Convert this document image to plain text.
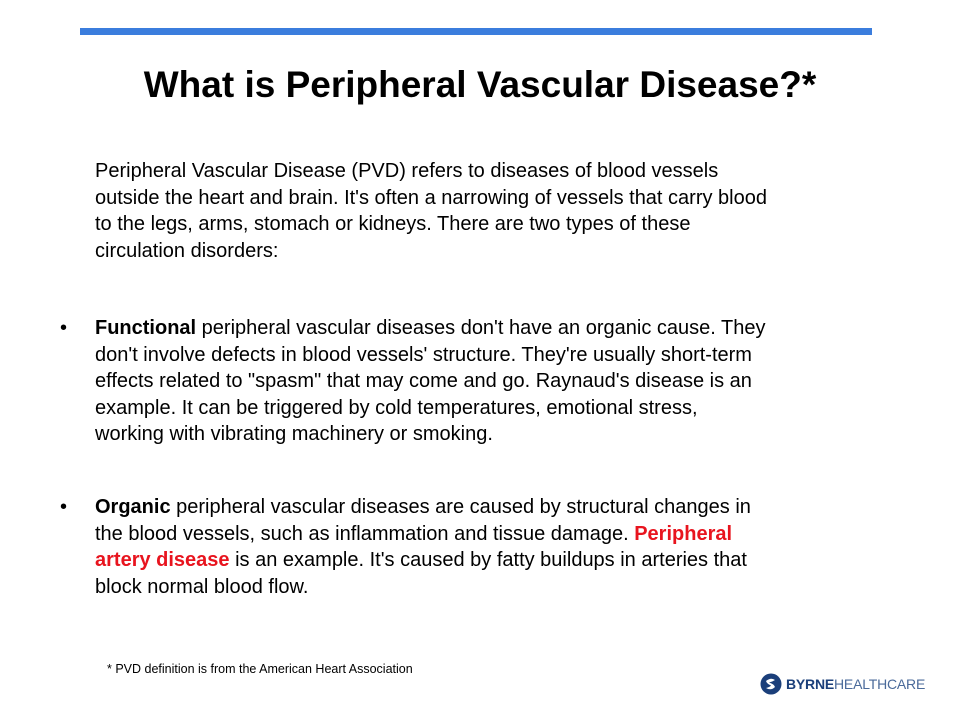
What is Peripheral Vascular Disease?*
Peripheral Vascular Disease (PVD) refers to diseases of blood vessels
outside the heart and brain. It's often a narrowing of vessels that carry blood
to the legs, arms, stomach or kidneys. There are two types of these
circulation disorders:
• Functional peripheral vascular diseases don't have an organic cause. They
don't involve defects in blood vessels' structure. They're usually short-term
effects related to "spasm" that may come and go. Raynaud's disease is an
example. It can be triggered by cold temperatures, emotional stress,
working with vibrating machinery or smoking.
• Organic peripheral vascular diseases are caused by structural changes in
the blood vessels, such as inflammation and tissue damage. Peripheral
artery disease is an example. It's caused by fatty buildups in arteries that
block normal blood flow.
* PVD definition is from the American Heart Association
BYRNEHEALTHCARE
